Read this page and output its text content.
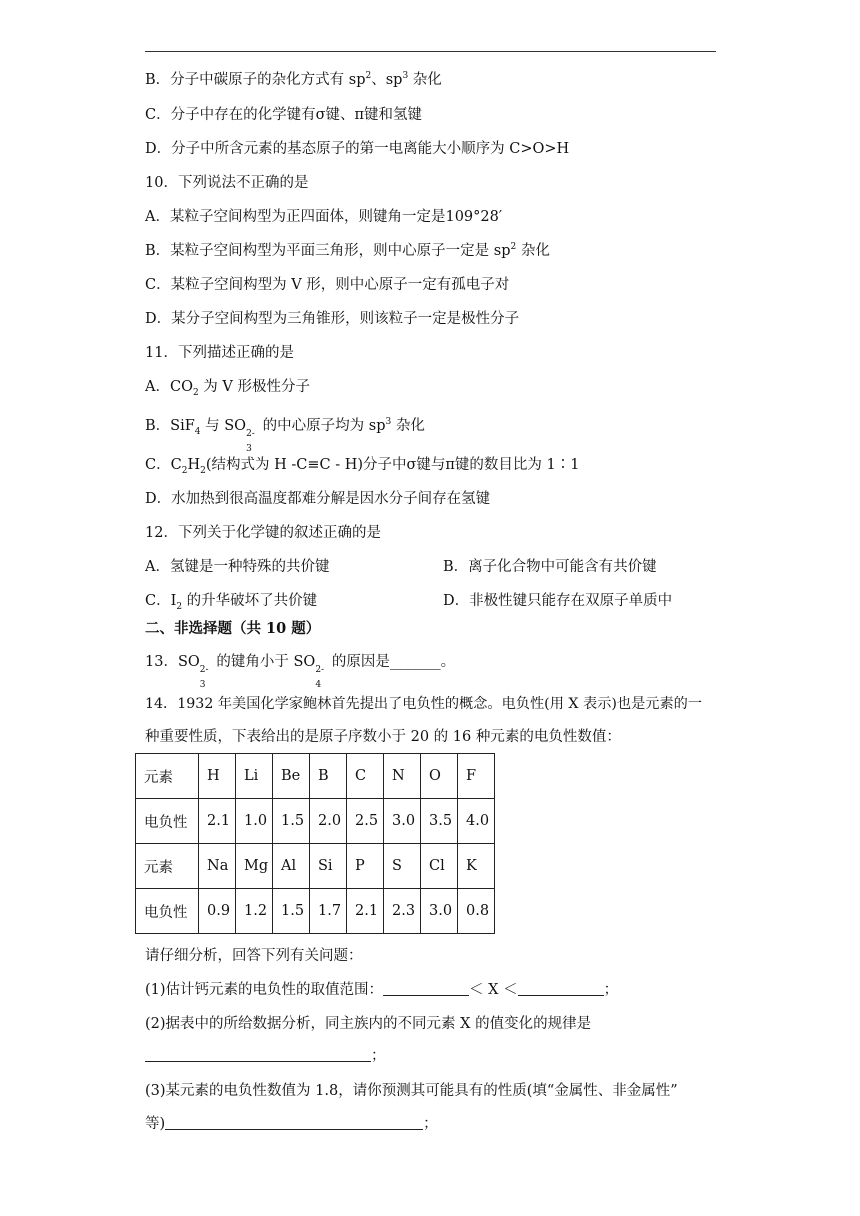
B．分子中碳原子的杂化方式有 $sp^2$、$sp^3$ 杂化
C．分子中存在的化学键有σ键、π键和氢键
D．分子中所含元素的基态原子的第一电离能大小顺序为 C>O>H
10．下列说法不正确的是
A．某粒子空间构型为正四面体，则键角一定是109°28′
B．某粒子空间构型为平面三角形，则中心原子一定是 $sp^2$ 杂化
C．某粒子空间构型为 V 形，则中心原子一定有孤电子对
D．某分子空间构型为三角锥形，则该粒子一定是极性分子
11．下列描述正确的是
A．$CO_2$ 为 V 形极性分子
B．SiF$_4$ 与 SO 2-
3
的中心原子均为 $sp^3$ 杂化
C．$C_2H_2$(结构式为 H -C≡C - H)分子中σ键与π键的数目比为 1∶1
D．水加热到很高温度都难分解是因水分子间存在氢键
12．下列关于化学键的叙述正确的是
A．氢键是一种特殊的共价键	B．离子化合物中可能含有共价键
C．$I_2$ 的升华破坏了共价键	D．非极性键只能存在双原子单质中
二、非选择题（共 10 题）
13．SO 2-
3
的键角小于 SO 2-
4
的原因是_______。
14．1932 年美国化学家鲍林首先提出了电负性的概念。电负性(用 X 表示)也是元素的一
种重要性质，下表给出的是原子序数小于 20 的 16 种元素的电负性数值：
元素	H	Li	Be	B	C	N	O	F
电负性	2.1	1.0	1.5	2.0	2.5	3.0	3.5	4.0
元素	Na	Mg	Al	Si	P	S	Cl	K
电负性	0.9	1.2	1.5	1.7	2.1	2.3	3.0	0.8
请仔细分析，回答下列有关问题：
(1)估计钙元素的电负性的取值范围：	＜ X ＜	；
(2)据表中的所给数据分析，同主族内的不同元素 X 的值变化的规律是
；
(3)某元素的电负性数值为 1.8，请你预测其可能具有的性质(填“金属性、非金属性”
等)	；
